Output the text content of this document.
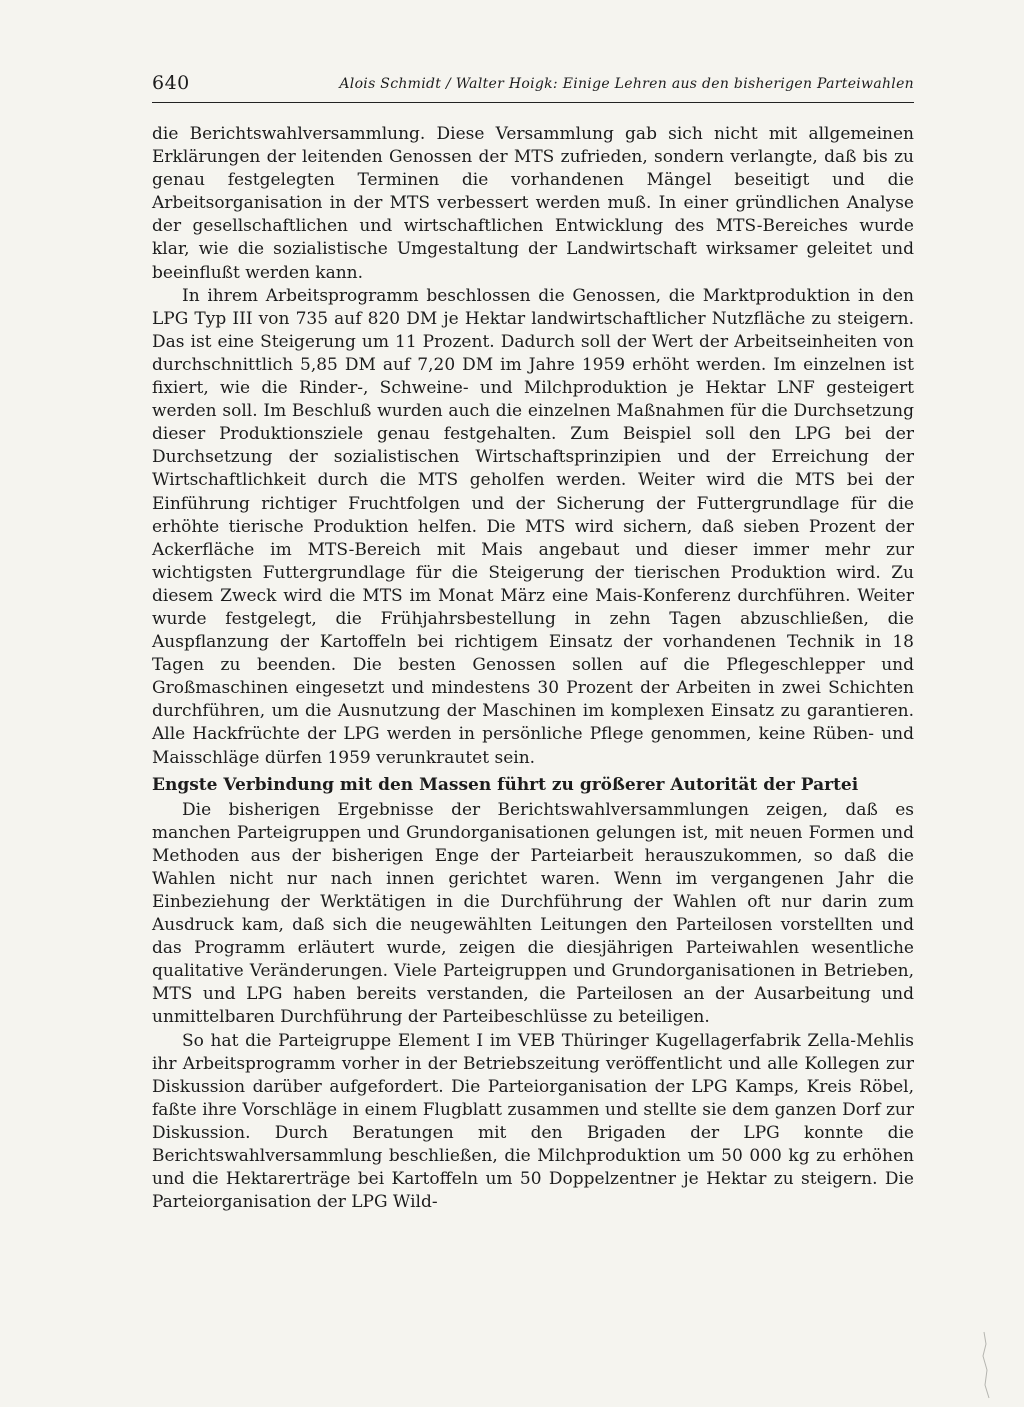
640	Alois Schmidt / Walter Hoigk: Einige Lehren aus den bisherigen Parteiwahlen

die Berichtswahlversammlung. Diese Versammlung gab sich nicht mit allgemeinen Erklärungen der leitenden Genossen der MTS zufrieden, sondern verlangte, daß bis zu genau festgelegten Terminen die vorhandenen Mängel beseitigt und die Arbeitsorganisation in der MTS verbessert werden muß. In einer gründlichen Analyse der gesellschaftlichen und wirtschaftlichen Entwicklung des MTS-Bereiches wurde klar, wie die sozialistische Umgestaltung der Landwirtschaft wirksamer geleitet und beeinflußt werden kann.

In ihrem Arbeitsprogramm beschlossen die Genossen, die Marktproduktion in den LPG Typ III von 735 auf 820 DM je Hektar landwirtschaftlicher Nutzfläche zu steigern. Das ist eine Steigerung um 11 Prozent. Dadurch soll der Wert der Arbeitseinheiten von durchschnittlich 5,85 DM auf 7,20 DM im Jahre 1959 erhöht werden. Im einzelnen ist fixiert, wie die Rinder-, Schweine- und Milchproduktion je Hektar LNF gesteigert werden soll. Im Beschluß wurden auch die einzelnen Maßnahmen für die Durchsetzung dieser Produktionsziele genau festgehalten. Zum Beispiel soll den LPG bei der Durchsetzung der sozialistischen Wirtschaftsprinzipien und der Erreichung der Wirtschaftlichkeit durch die MTS geholfen werden. Weiter wird die MTS bei der Einführung richtiger Fruchtfolgen und der Sicherung der Futtergrundlage für die erhöhte tierische Produktion helfen. Die MTS wird sichern, daß sieben Prozent der Ackerfläche im MTS-Bereich mit Mais angebaut und dieser immer mehr zur wichtigsten Futtergrundlage für die Steigerung der tierischen Produktion wird. Zu diesem Zweck wird die MTS im Monat März eine Mais-Konferenz durchführen. Weiter wurde festgelegt, die Frühjahrsbestellung in zehn Tagen abzuschließen, die Auspflanzung der Kartoffeln bei richtigem Einsatz der vorhandenen Technik in 18 Tagen zu beenden. Die besten Genossen sollen auf die Pflegeschlepper und Großmaschinen eingesetzt und mindestens 30 Prozent der Arbeiten in zwei Schichten durchführen, um die Ausnutzung der Maschinen im komplexen Einsatz zu garantieren. Alle Hackfrüchte der LPG werden in persönliche Pflege genommen, keine Rüben- und Maisschläge dürfen 1959 verunkrautet sein.

Engste Verbindung mit den Massen führt zu größerer Autorität der Partei

Die bisherigen Ergebnisse der Berichtswahlversammlungen zeigen, daß es manchen Parteigruppen und Grundorganisationen gelungen ist, mit neuen Formen und Methoden aus der bisherigen Enge der Parteiarbeit herauszukommen, so daß die Wahlen nicht nur nach innen gerichtet waren. Wenn im vergangenen Jahr die Einbeziehung der Werktätigen in die Durchführung der Wahlen oft nur darin zum Ausdruck kam, daß sich die neugewählten Leitungen den Parteilosen vorstellten und das Programm erläutert wurde, zeigen die diesjährigen Parteiwahlen wesentliche qualitative Veränderungen. Viele Parteigruppen und Grundorganisationen in Betrieben, MTS und LPG haben bereits verstanden, die Parteilosen an der Ausarbeitung und unmittelbaren Durchführung der Parteibeschlüsse zu beteiligen.

So hat die Parteigruppe Element I im VEB Thüringer Kugellagerfabrik Zella-Mehlis ihr Arbeitsprogramm vorher in der Betriebszeitung veröffentlicht und alle Kollegen zur Diskussion darüber aufgefordert. Die Parteiorganisation der LPG Kamps, Kreis Röbel, faßte ihre Vorschläge in einem Flugblatt zusammen und stellte sie dem ganzen Dorf zur Diskussion. Durch Beratungen mit den Brigaden der LPG konnte die Berichtswahlversammlung beschließen, die Milchproduktion um 50 000 kg zu erhöhen und die Hektarerträge bei Kartoffeln um 50 Doppelzentner je Hektar zu steigern. Die Parteiorganisation der LPG Wild-
